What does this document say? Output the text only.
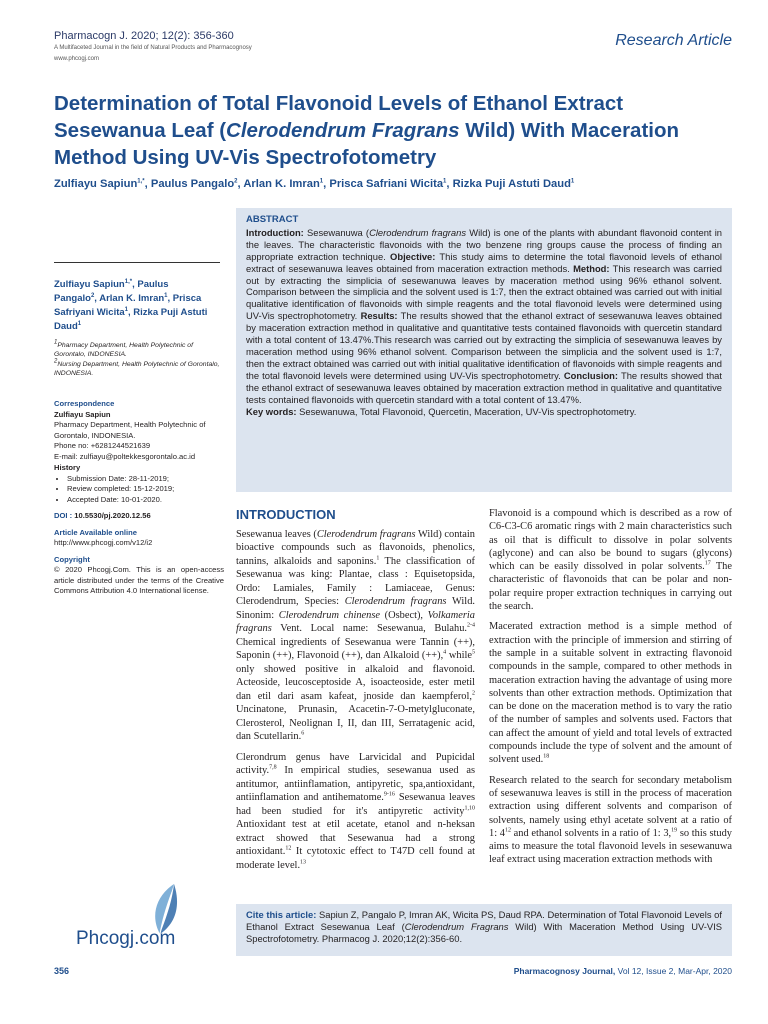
Pharmacogn J. 2020; 12(2): 356-360
A Multifaceted Journal in the field of Natural Products and Pharmacognosy
www.phcogj.com
Research Article
Determination of Total Flavonoid Levels of Ethanol Extract
Sesewanua Leaf (Clerodendrum Fragrans Wild) With Maceration
Method Using UV-Vis Spectrofotometry
Zulfiayu Sapiun$^{1,*}$, Paulus Pangalo$^2$, Arlan K. Imran$^1$, Prisca Safriani Wicita$^1$, Rizka Puji Astuti Daud$^1$
ABSTRACT
Introduction: Sesewanuwa (Clerodendrum fragrans Wild) is one of the plants with abundant flavonoid content in the leaves. The characteristic flavonoids with the two benzene ring groups cause the process of finding an appropriate extraction technique. Objective: This study aims to determine the total flavonoid levels of ethanol extract of sesewanuwa leaves obtained from maceration extraction methods. Method: This research was carried out by extracting the simplicia of sesewanuwa leaves by maceration method using 96% ethanol solvent. Comparison between the simplicia and the solvent used is 1:7, then the extract obtained was carried out with initial qualitative identification of flavonoids with simple reagents and the total flavonoid levels were determined using UV-Vis spectrophotometry. Results: The results showed that the ethanol extract of sesewanuwa leaves obtained by maceration extraction method in qualitative and quantitative tests contained flavonoids with quercetin standard with a total content of 13.47%.This research was carried out by extracting the simplicia of sesewanuwa leaves by maceration method using 96% ethanol solvent. Comparison between the simplicia and the solvent used is 1:7, then the extract obtained was carried out with initial qualitative identification of flavonoids with simple reagents and the total flavonoid levels were determined using UV-Vis spectrophotometry. Conclusion: The results showed that the ethanol extract of sesewanuwa leaves obtained by maceration extraction method in qualitative and quantitative tests contained flavonoids with quercetin standard with a total content of 13.47%.
Key words: Sesewanuwa, Total Flavonoid, Quercetin, Maceration, UV-Vis spectrophotometry.
Zulfiayu Sapiun$^{1,*}$, Paulus
Pangalo$^2$, Arlan K. Imran$^1$, Prisca
Safriyani Wicita$^1$, Rizka Puji Astuti
Daud$^1$
$^1$Pharmacy Department, Health Polytechnic of Gorontalo, INDONESIA.
$^2$Nursing Department, Health Polytechnic of Gorontalo, INDONESIA.
Correspondence
Zulfiayu Sapiun
Pharmacy Department, Health Polytechnic of Gorontalo, INDONESIA.
Phone no: +6281244521639
E-mail: zulfiayu@poltekkesgorontalo.ac.id
History
• Submission Date: 28-11-2019;
• Review completed: 15-12-2019;
• Accepted Date: 10-01-2020.
DOI : 10.5530/pj.2020.12.56
Article Available online
http://www.phcogj.com/v12/i2
Copyright
© 2020 Phcogj.Com. This is an open-access article distributed under the terms of the Creative Commons Attribution 4.0 International license.
Phcogj.com
INTRODUCTION

Sesewanua leaves (Clerodendrum fragrans Wild) contain bioactive compounds such as flavonoids, phenolics, tannins, alkaloids and saponins.$^1$ The classification of Sesewanua was king: Plantae, class : Equisetopsida, Ordo: Lamiales, Family : Lamiaceae, Genus: Clerodendrum, Species: Clerodendrum fragrans Wild. Sinonim: Clerodendrum chinense (Osbect), Volkameria fragrans Vent. Local name: Sesewanua, Bulahu.$^{2-4}$ Chemical ingredients of Sesewanua were Tannin (++), Saponin (++), Flavonoid (++), dan Alkaloid (++),$^4$ while$^5$ only showed positive in alkaloid and flavonoid. Acteoside, leucosceptoside A, isoacteoside, ester metil dan etil dari asam kafeat, jnoside dan kaempferol,$^2$ Uncinatone, Prunasin, Acacetin-7-O-metylgluconate, Clerosterol, Neolignan I, II, dan III, Serratagenic acid, dan Scutellarin.$^6$

Clerondrum genus have Larvicidal and Pupicidal activity.$^{7,8}$ In empirical studies, sesewanua used as antitumor, antiinflamation, antipyretic, spa,antioxidant, antiinflamation and antihematome.$^{9-16}$ Sesewanua leaves had been studied for it's antipyretic activity$^{1,10}$ Antioxidant test at etil acetate, etanol and n-heksan extract showed that Sesewanua had a strong antioxidant.$^{12}$ It cytotoxic effect to T47D cell found at moderate level.$^{13}$

Flavonoid is a compound which is described as a row of C6-C3-C6 aromatic rings with 2 main characteristics such as oil that is difficult to dissolve in polar solvents (aglycone) and can also be bound to sugars (glycons) which can be easily dissolved in polar solvents.$^{17}$ The characteristic of flavonoids that can be polar and non-polar require proper extraction techniques in carrying out the search.

Macerated extraction method is a simple method of extraction with the principle of immersion and stirring of the sample in a suitable solvent in extracting flavonoid compounds in the sample, compared to other methods in maceration extraction having the advantage of using more solvents than other extraction methods. Optimization that can be done on the maceration method is to vary the ratio of the number of samples and solvents used. Factors that can affect the amount of yield and total levels of extracted compounds include the type of solvent and the amount of solvent used.$^{18}$

Research related to the search for secondary metabolism of sesewanuwa leaves is still in the process of maceration extraction using different solvents and comparison of solvents, namely using ethyl acetate solvent at a ratio of 1: $4^{12}$ and ethanol solvents in a ratio of 1: 3,19 so this study aims to measure the total flavonoid levels in sesewanuwa leaf extract using maceration extraction methods with

Cite this article: Sapiun Z, Pangalo P, Imran AK, Wicita PS, Daud RPA. Determination of Total Flavonoid Levels of Ethanol Extract Sesewanua Leaf (Clerodendrum Fragrans Wild) With Maceration Method Using UV-VIS Spectrofotometry. Pharmacog J. 2020;12(2):356-60.
356	Pharmacognosy Journal, Vol 12, Issue 2, Mar-Apr, 2020
